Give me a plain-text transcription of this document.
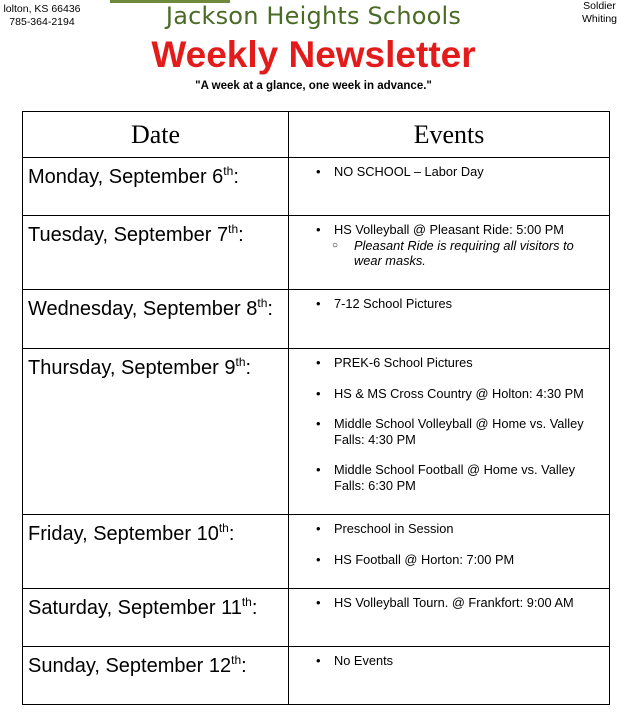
lolton, KS 66436
785-364-2194
Soldier
Whiting
Jackson Heights Schools
Weekly Newsletter
"A week at a glance, one week in advance."
Date	Events
Monday, September 6th:	• NO SCHOOL – Labor Day

Tuesday, September 7th:	• HS Volleyball @ Pleasant Ride: 5:00 PM
○ Pleasant Ride is requiring all visitors to wear masks.

Wednesday, September 8th:	• 7-12 School Pictures

Thursday, September 9th:	• PREK-6 School Pictures
• HS & MS Cross Country @ Holton: 4:30 PM
• Middle School Volleyball @ Home vs. Valley Falls: 4:30 PM
• Middle School Football @ Home vs. Valley Falls: 6:30 PM

Friday, September 10th:	• Preschool in Session
• HS Football @ Horton: 7:00 PM

Saturday, September 11th:	• HS Volleyball Tourn. @ Frankfort: 9:00 AM

Sunday, September 12th:	• No Events
